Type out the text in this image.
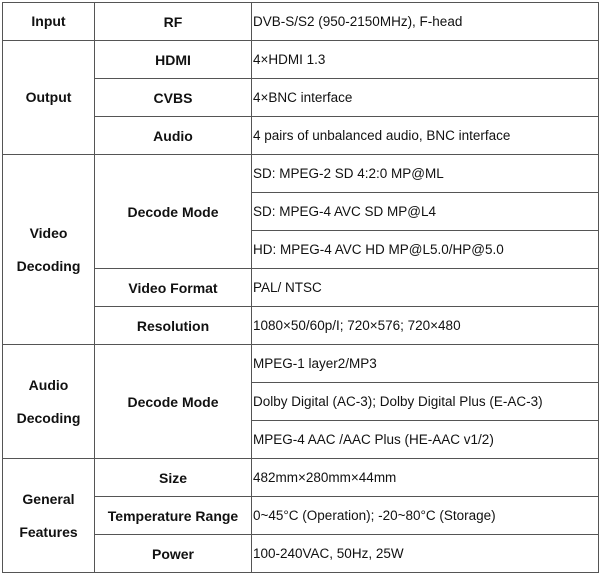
Input	RF	DVB-S/S2 (950-2150MHz), F-head
Output	HDMI	4×HDMI 1.3
	CVBS	4×BNC interface
	Audio	4 pairs of unbalanced audio, BNC interface

Video
Decoding	Decode Mode	SD: MPEG-2 SD 4:2:0 MP@ML
		SD: MPEG-4 AVC SD MP@L4
		HD: MPEG-4 AVC HD MP@L5.0/HP@5.0
	Video Format	PAL/ NTSC
	Resolution	1080×50/60p/I; 720×576; 720×480

Audio
Decoding	Decode Mode	MPEG-1 layer2/MP3
		Dolby Digital (AC-3); Dolby Digital Plus (E-AC-3)
		MPEG-4 AAC /AAC Plus (HE-AAC v1/2)

General
Features	Size	482mm×280mm×44mm
	Temperature Range	0~45°C (Operation); -20~80°C (Storage)
	Power	100-240VAC, 50Hz, 25W
